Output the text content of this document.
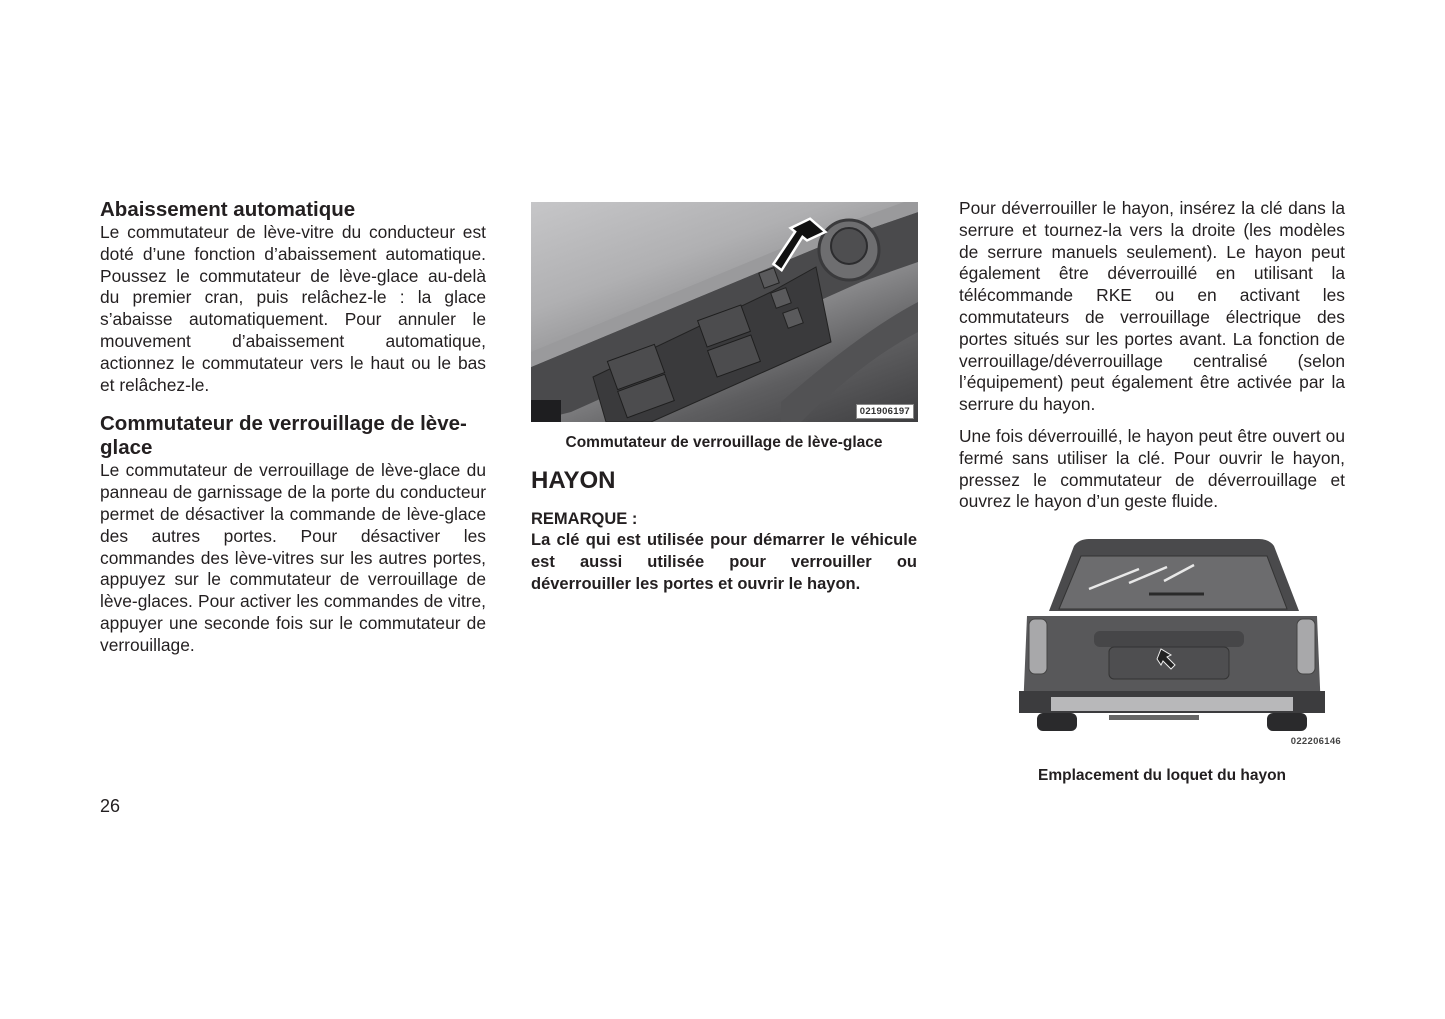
Abaissement automatique

Le commutateur de lève-vitre du conducteur est doté d’une fonction d’abaissement automatique. Poussez le commutateur de lève-glace au-delà du premier cran, puis relâchez-le : la glace s’abaisse automatiquement. Pour annuler le mouvement d’abaissement automatique, actionnez le commutateur vers le haut ou le bas et relâchez-le.

Commutateur de verrouillage de lève-glace

Le commutateur de verrouillage de lève-glace du panneau de garnissage de la porte du conducteur permet de désactiver la commande de lève-glace des autres portes. Pour désactiver les commandes des lève-vitres sur les autres portes, appuyez sur le commutateur de verrouillage de lève-glaces. Pour activer les commandes de vitre, appuyer une seconde fois sur le commutateur de verrouillage.

021906197
Commutateur de verrouillage de lève-glace
HAYON
REMARQUE :
La clé qui est utilisée pour démarrer le véhicule est aussi utilisée pour verrouiller ou déverrouiller les portes et ouvrir le hayon.

Pour déverrouiller le hayon, insérez la clé dans la serrure et tournez-la vers la droite (les modèles de serrure manuels seulement). Le hayon peut également être déverrouillé en utilisant la télécommande RKE ou en activant les commutateurs de verrouillage électrique des portes situés sur les portes avant. La fonction de verrouillage/déverrouillage centralisé (selon l’équipement) peut également être activée par la serrure du hayon.

Une fois déverrouillé, le hayon peut être ouvert ou fermé sans utiliser la clé. Pour ouvrir le hayon, pressez le commutateur de déverrouillage et ouvrez le hayon d’un geste fluide.

022206146
Emplacement du loquet du hayon
26
